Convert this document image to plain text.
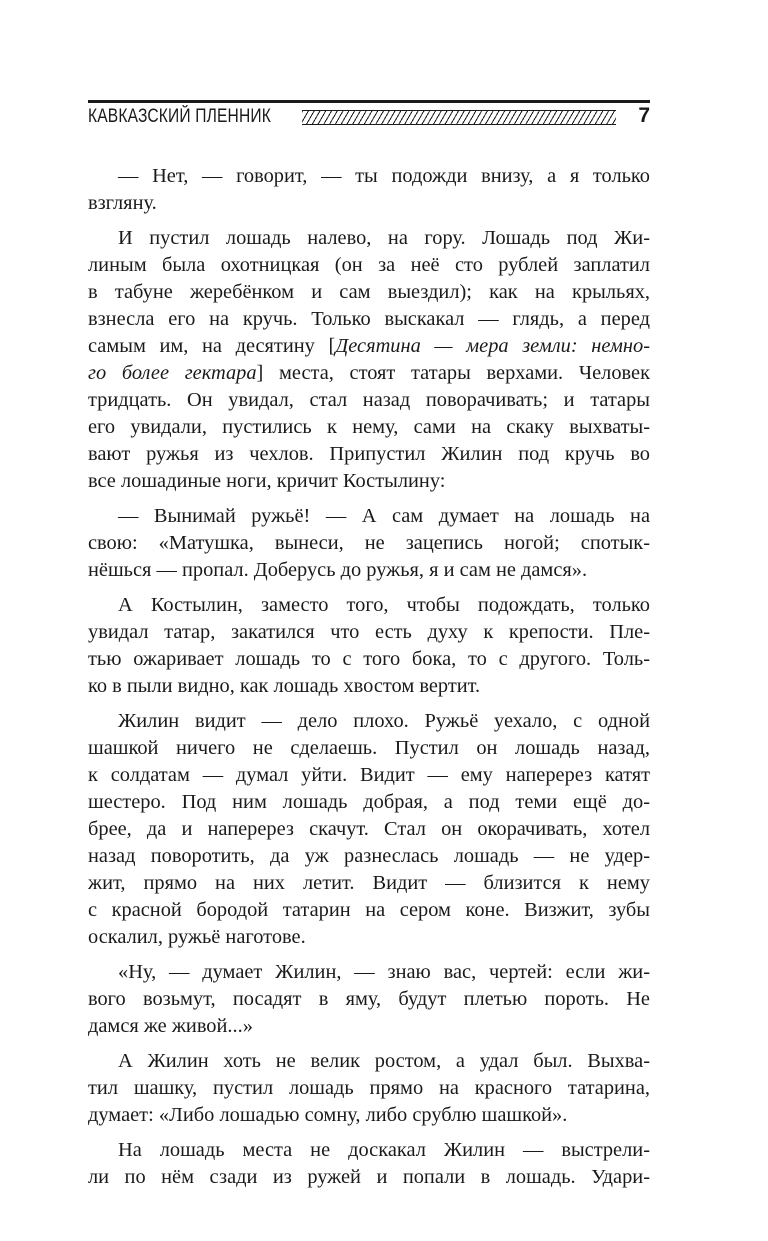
КАВКАЗСКИЙ ПЛЕННИК	7
— Нет, — говорит, — ты подожди внизу, а я только
взгляну.
И пустил лошадь налево, на гору. Лошадь под Жи-
линым была охотницкая (он за неё сто рублей заплатил
в табуне жеребёнком и сам выездил); как на крыльях,
взнесла его на кручь. Только выскакал — глядь, а перед
самым им, на десятину [Десятина — мера земли: немно-
го более гектара] места, стоят татары верхами. Человек
тридцать. Он увидал, стал назад поворачивать; и татары
его увидали, пустились к нему, сами на скаку выхваты-
вают ружья из чехлов. Припустил Жилин под кручь во
все лошадиные ноги, кричит Костылину:
— Вынимай ружьё! — А сам думает на лошадь на
свою: «Матушка, вынеси, не зацепись ногой; спотык-
нёшься — пропал. Доберусь до ружья, я и сам не дамся».
А Костылин, заместо того, чтобы подождать, только
увидал татар, закатился что есть духу к крепости. Пле-
тью ожаривает лошадь то с того бока, то с другого. Толь-
ко в пыли видно, как лошадь хвостом вертит.
Жилин видит — дело плохо. Ружьё уехало, с одной
шашкой ничего не сделаешь. Пустил он лошадь назад,
к солдатам — думал уйти. Видит — ему наперерез катят
шестеро. Под ним лошадь добрая, а под теми ещё до-
брее, да и наперерез скачут. Стал он окорачивать, хотел
назад поворотить, да уж разнеслась лошадь — не удер-
жит, прямо на них летит. Видит — близится к нему
с красной бородой татарин на сером коне. Визжит, зубы
оскалил, ружьё наготове.
«Ну, — думает Жилин, — знаю вас, чертей: если жи-
вого возьмут, посадят в яму, будут плетью пороть. Не
дамся же живой...»
А Жилин хоть не велик ростом, а удал был. Выхва-
тил шашку, пустил лошадь прямо на красного татарина,
думает: «Либо лошадью сомну, либо срублю шашкой».
На лошадь места не доскакал Жилин — выстрели-
ли по нём сзади из ружей и попали в лошадь. Удари-
